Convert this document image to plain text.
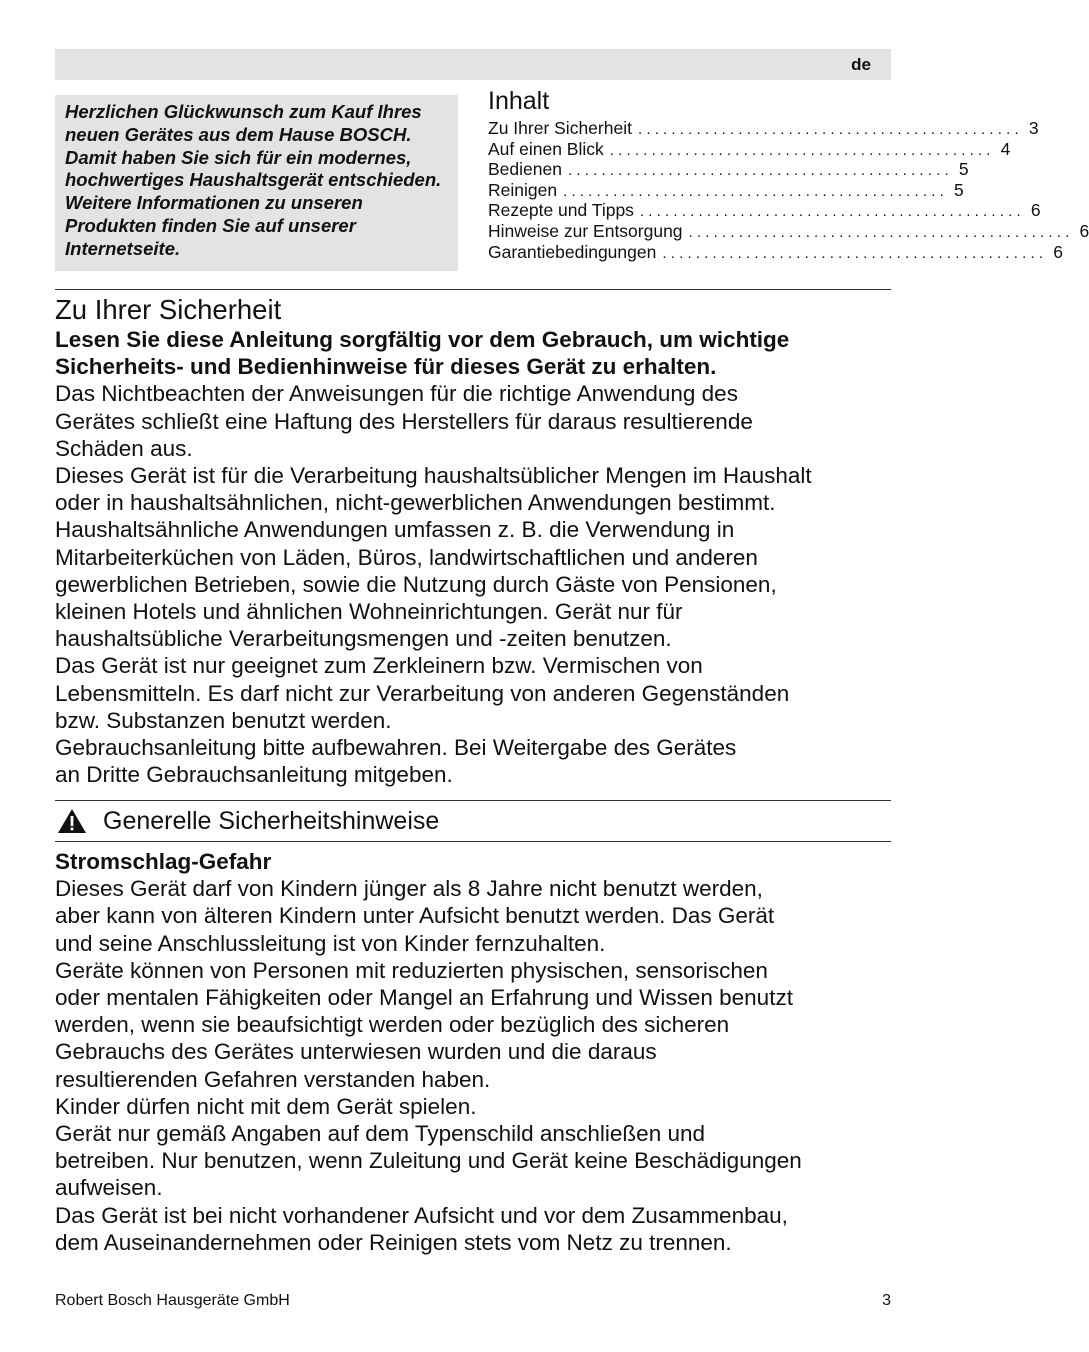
de

Herzlichen Glückwunsch zum Kauf Ihres

neuen Gerätes aus dem Hause BOSCH.

Damit haben Sie sich für ein modernes,

hochwertiges Haushaltsgerät entschieden.

Weitere Informationen zu unseren

Produkten finden Sie auf unserer

Internetseite.

Inhalt
Zu Ihrer Sicherheit .............................................. 3
Auf einen Blick .............................................. 4
Bedienen .............................................. 5
Reinigen .............................................. 5
Rezepte und Tipps .............................................. 6
Hinweise zur Entsorgung .............................................. 6
Garantiebedingungen .............................................. 6
Zu Ihrer Sicherheit

Lesen Sie diese Anleitung sorgfältig vor dem Gebrauch, um wichtige

Sicherheits- und Bedienhinweise für dieses Gerät zu erhalten.

Das Nichtbeachten der Anweisungen für die richtige Anwendung des

Gerätes schließt eine Haftung des Herstellers für daraus resultierende

Schäden aus.

Dieses Gerät ist für die Verarbeitung haushaltsüblicher Mengen im Haushalt

oder in haushaltsähnlichen, nicht-gewerblichen Anwendungen bestimmt.

Haushaltsähnliche Anwendungen umfassen z. B. die Verwendung in

Mitarbeiterküchen von Läden, Büros, landwirtschaftlichen und anderen

gewerblichen Betrieben, sowie die Nutzung durch Gäste von Pensionen,

kleinen Hotels und ähnlichen Wohneinrichtungen. Gerät nur für

haushaltsübliche Verarbeitungsmengen und -zeiten benutzen.

Das Gerät ist nur geeignet zum Zerkleinern bzw. Vermischen von

Lebensmitteln. Es darf nicht zur Verarbeitung von anderen Gegenständen

bzw. Substanzen benutzt werden.

Gebrauchsanleitung bitte aufbewahren. Bei Weitergabe des Gerätes

an Dritte Gebrauchsanleitung mitgeben.

Generelle Sicherheitshinweise

Stromschlag-Gefahr

Dieses Gerät darf von Kindern jünger als 8 Jahre nicht benutzt werden,

aber kann von älteren Kindern unter Aufsicht benutzt werden. Das Gerät

und seine Anschlussleitung ist von Kinder fernzuhalten.

Geräte können von Personen mit reduzierten physischen, sensorischen

oder mentalen Fähigkeiten oder Mangel an Erfahrung und Wissen benutzt

werden, wenn sie beaufsichtigt werden oder bezüglich des sicheren

Gebrauchs des Gerätes unterwiesen wurden und die daraus

resultierenden Gefahren verstanden haben.

Kinder dürfen nicht mit dem Gerät spielen.

Gerät nur gemäß Angaben auf dem Typenschild anschließen und

betreiben. Nur benutzen, wenn Zuleitung und Gerät keine Beschädigungen

aufweisen.

Das Gerät ist bei nicht vorhandener Aufsicht und vor dem Zusammenbau,

dem Auseinandernehmen oder Reinigen stets vom Netz zu trennen.

Robert Bosch Hausgeräte GmbH	3
